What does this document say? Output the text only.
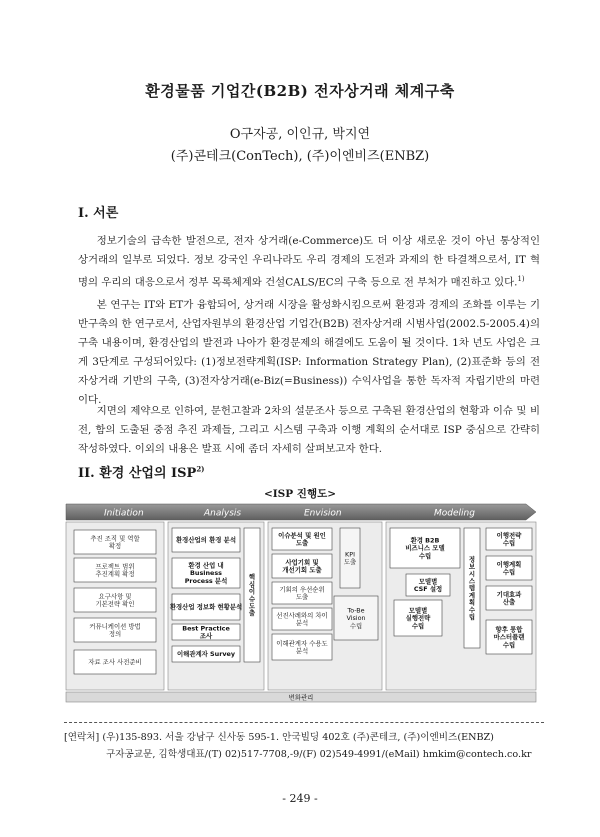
환경물품 기업간(B2B) 전자상거래 체계구축
O구자공, 이인규, 박지연
(주)콘테크(ConTech), (주)이엔비즈(ENBZ)
I. 서론

정보기술의 급속한 발전으로, 전자 상거래(e-Commerce)도 더 이상 새로운 것이 아닌 통상적인 상거래의 일부로 되었다. 정보 강국인 우리나라도 우리 경제의 도전과 과제의 한 타결책으로서, IT 혁명의 우리의 대응으로서 정부 목록체계와 건설CALS/EC의 구축 등으로 전 부처가 매진하고 있다.$^{1)}$

본 연구는 IT와 ET가 융합되어, 상거래 시장을 활성화시킴으로써 환경과 경제의 조화를 이루는 기반구축의 한 연구로서, 산업자원부의 환경산업 기업간(B2B) 전자상거래 시범사업(2002.5-2005.4)의 구축 내용이며, 환경산업의 발전과 나아가 환경문제의 해결에도 도움이 될 것이다. 1차 년도 사업은 크게 3단계로 구성되어있다: (1)정보전략계획(ISP: Information Strategy Plan), (2)표준화 등의 전자상거래 기반의 구축, (3)전자상거래(e-Biz(=Business)) 수익사업을 통한 독자적 자립기반의 마련이다.

지면의 제약으로 인하여, 문헌고찰과 2차의 설문조사 등으로 구축된 환경산업의 현황과 이슈 및 비전, 함의 도출된 중점 추진 과제들, 그리고 시스템 구축과 이행 계획의 순서대로 ISP 중심으로 간략히 작성하였다. 이외의 내용은 발표 시에 좀더 자세히 살펴보고자 한다.

II. 환경 산업의 $ISP^{2)}$
<ISP 진행도>
Initiation	Analysis	Envision	Modeling
추진 조직 및 역할
확정
프로젝트 범위
추진계획 확정
요구사항 및
기본전략 확인
커뮤니케이션 방법
정의
자료 조사 사전준비
환경산업의 환경 분석
환경 산업 내
Business
Process 분석
환경산업 정보화 현황분석
Best Practice
조사
이해관계자 Survey
핵
심
이
슈
도
출
이슈분석 및 원인
도출
사업기회 및
개선기회 도출
기회의 우선순위
도출
선진사례와의 차이
분석
이해관계자 수용도
분석
KPI
도출
To-Be
Vision
수립
환경 B2B
비즈니스 모델
수립
모델별
CSF 설정
모델별
실행전략
수립
정
보
시
스
템
계
획
수
립
이행전략
수립
이행계획
수립
기대효과
산출
향후 통합
마스터플랜
수립
변화관리
[연락처] (우)135-893. 서울 강남구 신사동 595-1. 안국빌딩 402호 (주)콘테크, (주)이엔비즈(ENBZ)
구자공교문, 김학생대표/(T) 02)517-7708,-9/(F) 02)549-4991/(eMail) hmkim@contech.co.kr
- 249 -
